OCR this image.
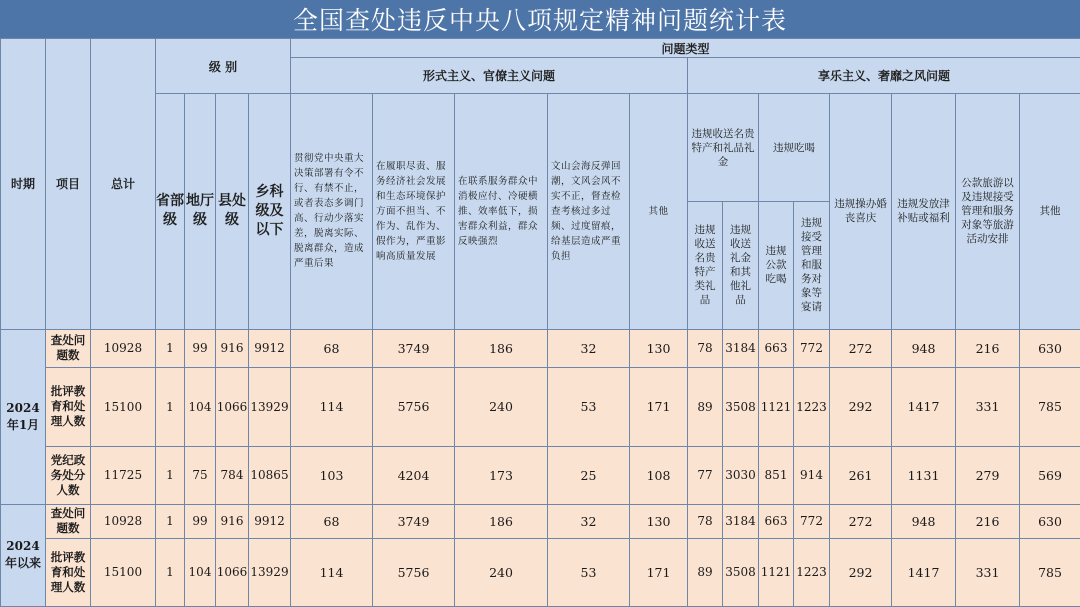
全国查处违反中央八项规定精神问题统计表
时期	项目	总计	级 别				问题类型												
							形式主义、官僚主义问题					享乐主义、奢靡之风问题							
			省部级	地厅级	县处级	乡科级及以下	贯彻党中央重大决策部署有令不行、有禁不止，或者表态多调门高、行动少落实差，脱离实际、脱离群众，造成严重后果	在履职尽责、服务经济社会发展和生态环境保护方面不担当、不作为、乱作为、假作为，严重影响高质量发展	在联系服务群众中消极应付、冷硬横推、效率低下，损害群众利益，群众反映强烈	文山会海反弹回潮，文风会风不实不正，督查检查考核过多过频、过度留痕，给基层造成严重负担	其他	违规收送名贵特产和礼品礼金		违规吃喝		违规操办婚丧喜庆	违规发放津补贴或福利	公款旅游以及违规接受管理和服务对象等旅游活动安排	其他
												违规收送名贵特产类礼品	违规收送礼金和其他礼品	违规公款吃喝	违规接受管理和服务对象等宴请				
2024年1月	查处问题数	10928	1	99	916	9912	68	3749	186	32	130	78	3184	663	772	272	948	216	630
	批评教育和处理人数	15100	1	104	1066	13929	114	5756	240	53	171	89	3508	1121	1223	292	1417	331	785
	党纪政务处分人数	11725	1	75	784	10865	103	4204	173	25	108	77	3030	851	914	261	1131	279	569
2024年以来	查处问题数	10928	1	99	916	9912	68	3749	186	32	130	78	3184	663	772	272	948	216	630
	批评教育和处理人数	15100	1	104	1066	13929	114	5756	240	53	171	89	3508	1121	1223	292	1417	331	785
